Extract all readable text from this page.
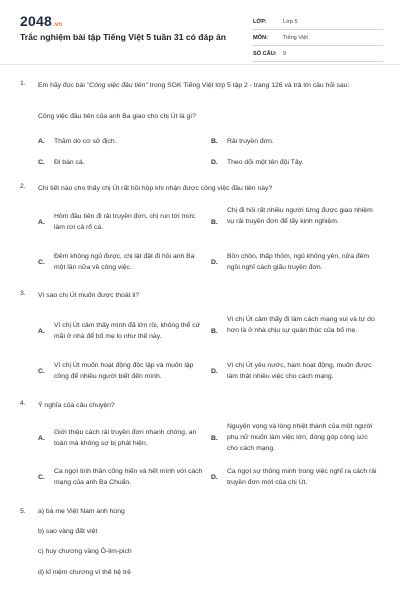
2048.vn
Trắc nghiệm bài tập Tiếng Việt 5 tuần 31 có đáp án
LỚP:	Lớp 5
MÔN:	Tiếng Việt
SỐ CÂU:	9
1. Em hãy đọc bài "Công việc đầu tiên" trong SGK Tiếng Việt lớp 5 tập 2 - trang 126 và trả lời câu hỏi sau:
Công việc đầu tiên của anh Ba giao cho chị Út là gì?
A. Thăm dò cơ sở địch.	B. Rải truyền đơn.
C. Đi bán cá.	D. Theo dõi một tên đội Tây.
2. Chi tiết nào cho thấy chị Út rất hồi hộp khi nhận được công việc đầu tiên này?
A.
Hôm đầu tiên đi rải truyền đơn, chị run tới mức làm rơi cả rổ cá.
B.
Chị đi hỏi rất nhiều người từng được giao nhiệm vụ rải truyền đơn để lấy kinh nghiệm.
C.
Đêm không ngủ được, chị lật đật đi hỏi anh Ba một lần nữa về công việc.
D.
Bồn chồn, thấp thỏm, ngủ không yên, nửa đêm ngồi nghĩ cách giấu truyền đơn.
3. Vì sao chị Út muốn được thoát li?
A.
Vì chị Út cảm thấy mình đã lớn rồi, không thể cứ mãi ở nhà để bố mẹ lo như thế này.
B.
Vì chị Út cảm thấy đi làm cách mạng vui và tự do hơn là ở nhà chịu sự quản thúc của bố mẹ.
C.
Vì chị Út muốn hoạt động độc lập và muốn lập công để nhiều người biết đến mình.
D.
Vì chị Út yêu nước, ham hoạt động, muốn được làm thật nhiều việc cho cách mạng.
4. Ý nghĩa của câu chuyện?
A.
Giới thiệu cách rải truyền đơn nhanh chóng, an toàn mà không sợ bị phát hiện.
B.
Nguyện vọng và lòng nhiệt thành của một người phụ nữ muốn làm việc lớn, đóng góp công sức cho cách mạng.
C.
Ca ngợi tinh thần cống hiến và hết mình với cách mạng của anh Ba Chuẩn.
D.
Ca ngợi sự thông minh trong việc nghĩ ra cách rải truyền đơn mới của chị Út.
5. a) bà mẹ Việt Nam anh hùng
b) sao vàng đất việt
c) huy chương vàng Ô-lim-pich
d) kỉ niệm chương vì thế hệ trẻ
